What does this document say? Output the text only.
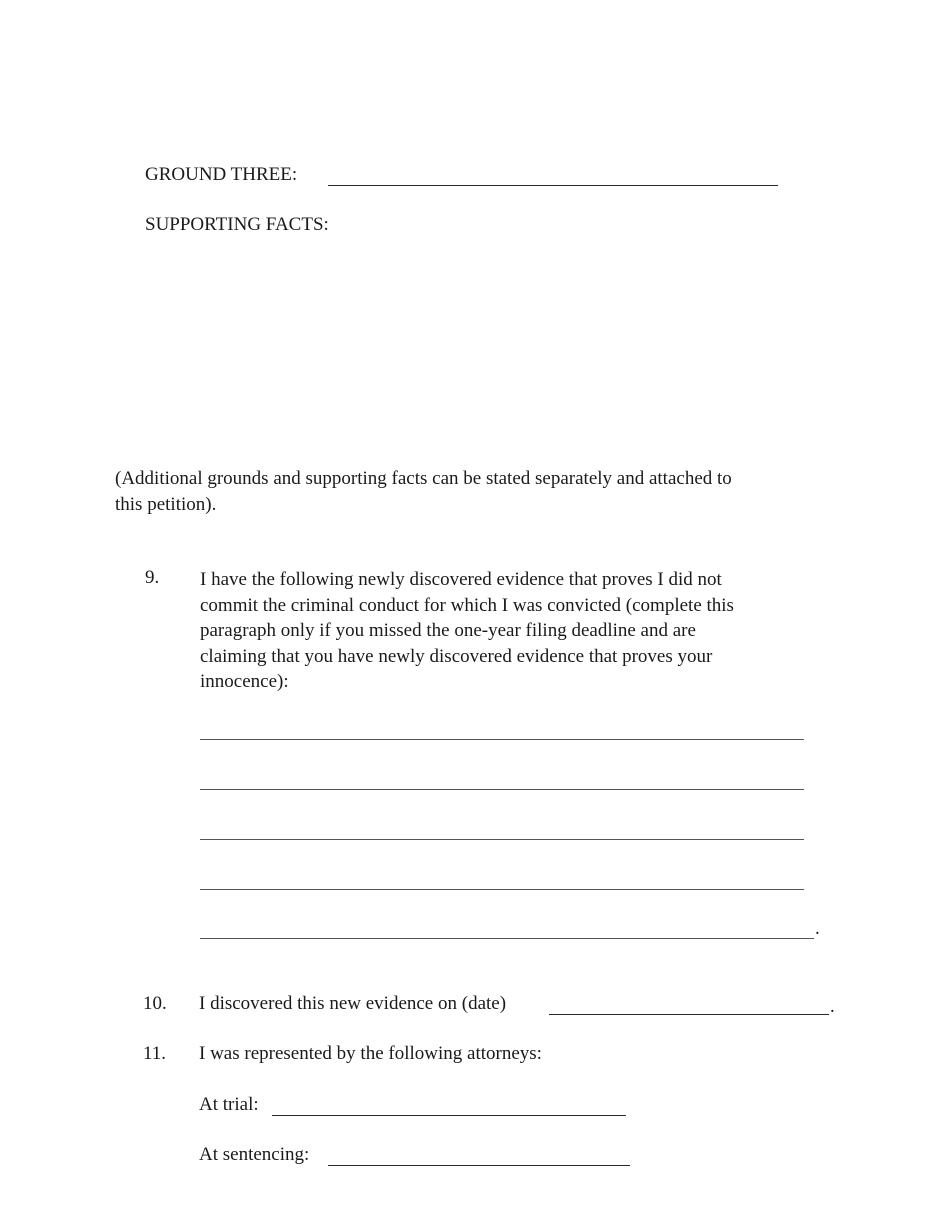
GROUND THREE:
SUPPORTING FACTS:
(Additional grounds and supporting facts can be stated separately and attached to
this petition).
9. I have the following newly discovered evidence that proves I did not
commit the criminal conduct for which I was convicted (complete this
paragraph only if you missed the one-year filing deadline and are
claiming that you have newly discovered evidence that proves your
innocence):
.
10. I discovered this new evidence on (date)	.
11. I was represented by the following attorneys:
At trial:
At sentencing:
